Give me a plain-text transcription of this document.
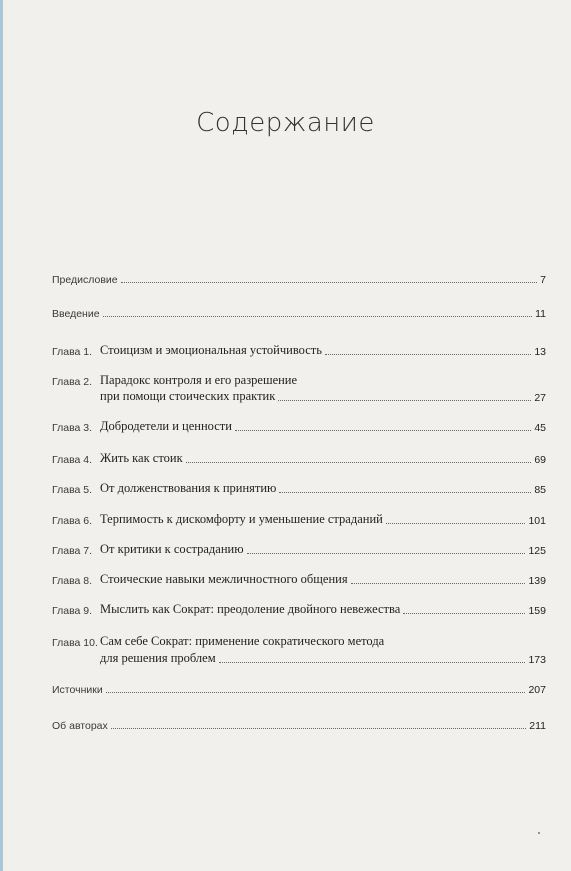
Содержание
Предисловие	7
Введение	11
Глава 1. Стоицизм и эмоциональная устойчивость	13
Глава 2. Парадокс контроля и его разрешение
при помощи стоических практик	27
Глава 3. Добродетели и ценности	45
Глава 4. Жить как стоик	69
Глава 5. От долженствования к принятию	85
Глава 6. Терпимость к дискомфорту и уменьшение страданий	101
Глава 7. От критики к состраданию	125
Глава 8. Стоические навыки межличностного общения	139
Глава 9. Мыслить как Сократ: преодоление двойного невежества	159
Глава 10. Сам себе Сократ: применение сократического метода
для решения проблем	173
Источники	207
Об авторах	211
